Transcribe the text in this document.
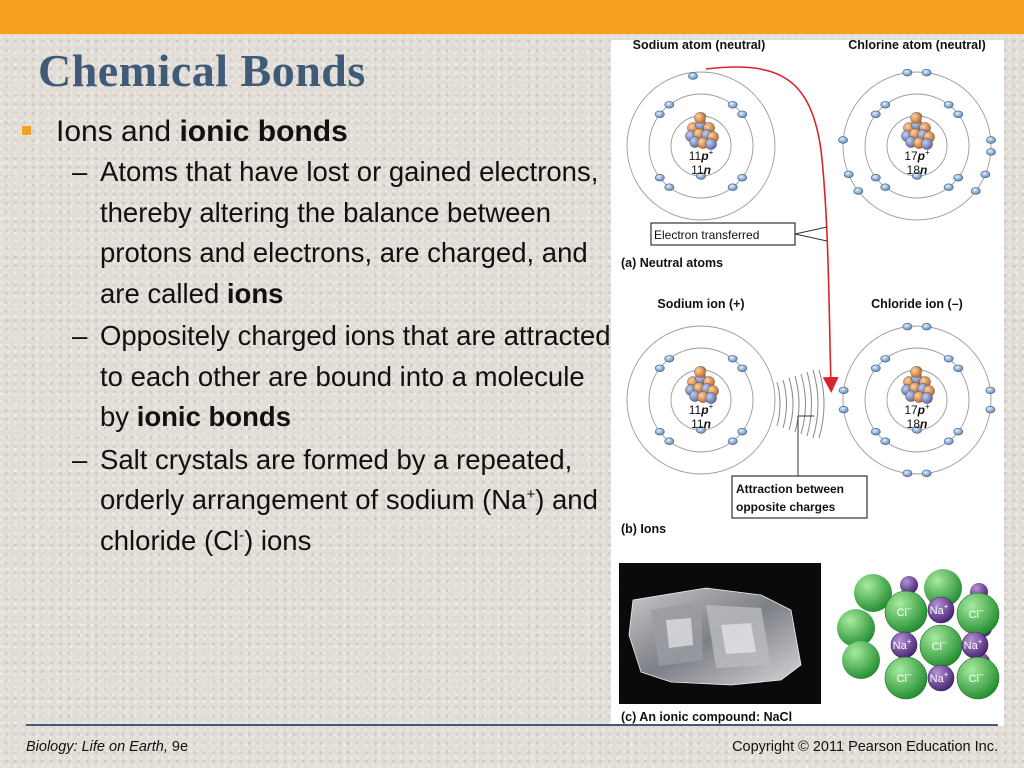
Chemical Bonds
Ions and ionic bonds
– Atoms that have lost or gained electrons, thereby altering the balance between protons and electrons, are charged, and are called ions
– Oppositely charged ions that are attracted to each other are bound into a molecule by ionic bonds
– Salt crystals are formed by a repeated, orderly arrangement of sodium (Na+) and chloride (Cl-) ions
Sodium atom (neutral)	Chlorine atom (neutral)
11p+
11n
17p+
18n
11p+
11n
17p+
18n
Electron transferred
(a) Neutral atoms
Sodium ion (+)	Chloride ion (–)
Attraction between
opposite charges
(b) Ions
Cl– Na+
Cl–
Na+ Cl– Na+
Cl– Na+ Cl–
(c) An ionic compound: NaCl
Biology: Life on Earth, 9e	Copyright © 2011 Pearson Education Inc.
